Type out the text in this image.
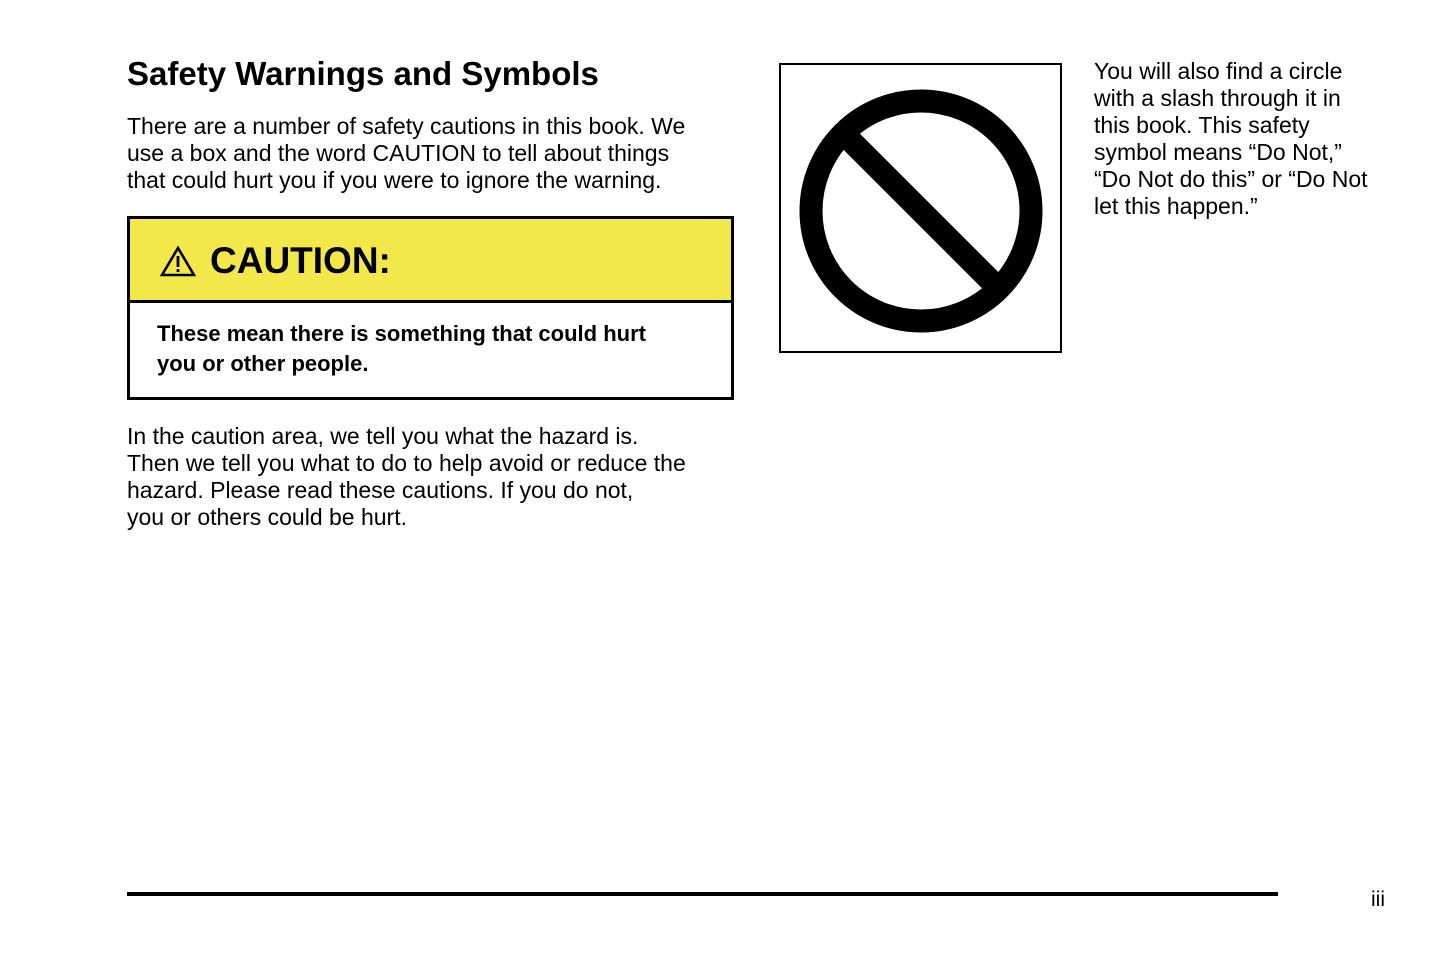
Safety Warnings and Symbols

There are a number of safety cautions in this book. We
use a box and the word CAUTION to tell about things
that could hurt you if you were to ignore the warning.

CAUTION:
These mean there is something that could hurt
you or other people.

In the caution area, we tell you what the hazard is.
Then we tell you what to do to help avoid or reduce the
hazard. Please read these cautions. If you do not,
you or others could be hurt.

You will also find a circle
with a slash through it in
this book. This safety
symbol means “Do Not,”
“Do Not do this” or “Do Not
let this happen.”

iii
